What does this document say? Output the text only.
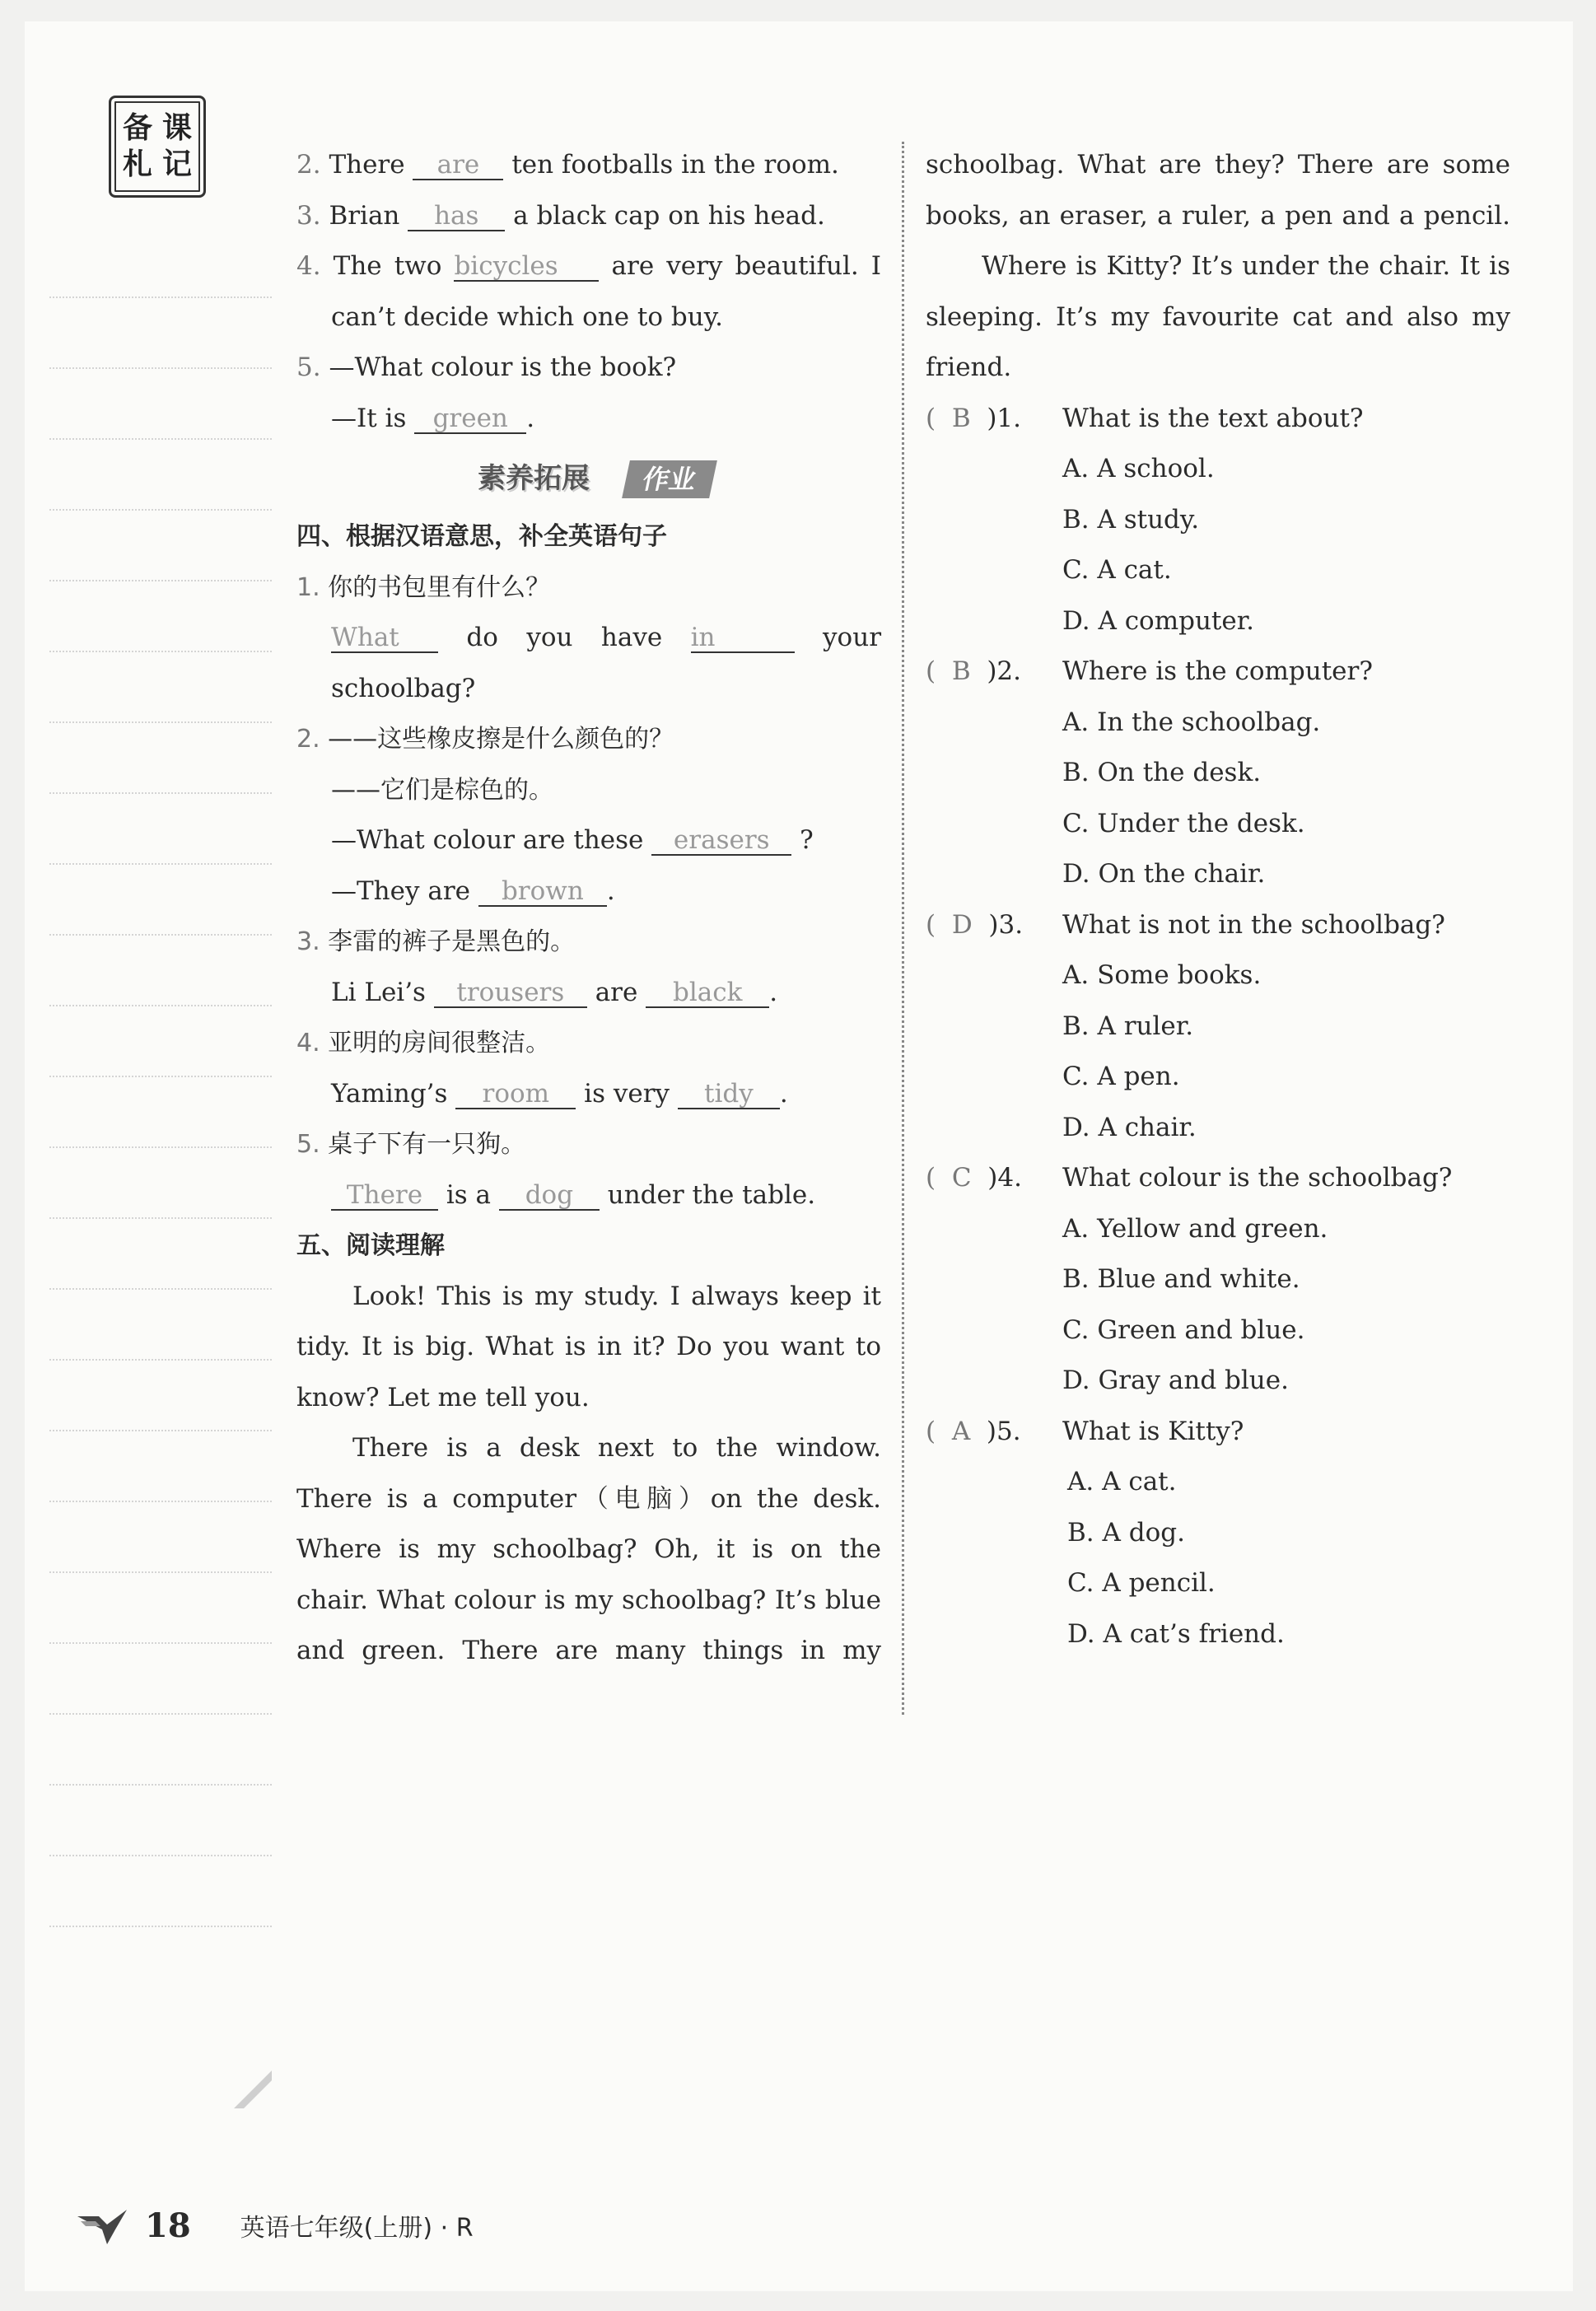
备 课
札 记	2. There are ten footballs in the room.
3. Brian has a black cap on his head.
4. The two bicycles are very beautiful. I
can’t decide which one to buy.
5. —What colour is the book?
—It is green .
素养拓展	作业
四、根据汉语意思，补全英语句子
1. 你的书包里有什么？
What	do you have in	your
schoolbag?
2. ——这些橡皮擦是什么颜色的？
——它们是棕色的。
—What colour are these erasers ?
—They are brown .
3. 李雷的裤子是黑色的。
Li Lei’s trousers are black .
4. 亚明的房间很整洁。
Yaming’s room is very tidy .
5. 桌子下有一只狗。
There is a dog under the table.
五、阅读理解
Look! This is my study. I always keep it
tidy. It is big. What is in it? Do you want to
know? Let me tell you.
There is a desk next to the window.
There is a computer（电脑）on the desk.
Where is my schoolbag? Oh, it is on the
chair. What colour is my schoolbag? It’s blue
and green. There are many things in my
schoolbag. What are they? There are some
books, an eraser, a ruler, a pen and a pencil.
Where is Kitty? It’s under the chair. It is
sleeping. It’s my favourite cat and also my
friend.
(  B )1.	What is the text about?
A. A school.
B. A study.
C. A cat.
D. A computer.
(  B )2.	Where is the computer?
A. In the schoolbag.
B. On the desk.
C. Under the desk.
D. On the chair.
(  D )3.	What is not in the schoolbag?
A. Some books.
B. A ruler.
C. A pen.
D. A chair.
(  C )4.	What colour is the schoolbag?
A. Yellow and green.
B. Blue and white.
C. Green and blue.
D. Gray and blue.
(  A )5.	What is Kitty?
A. A cat.
B. A dog.
C. A pencil.
D. A cat’s friend.
18 英语七年级(上册) · R
